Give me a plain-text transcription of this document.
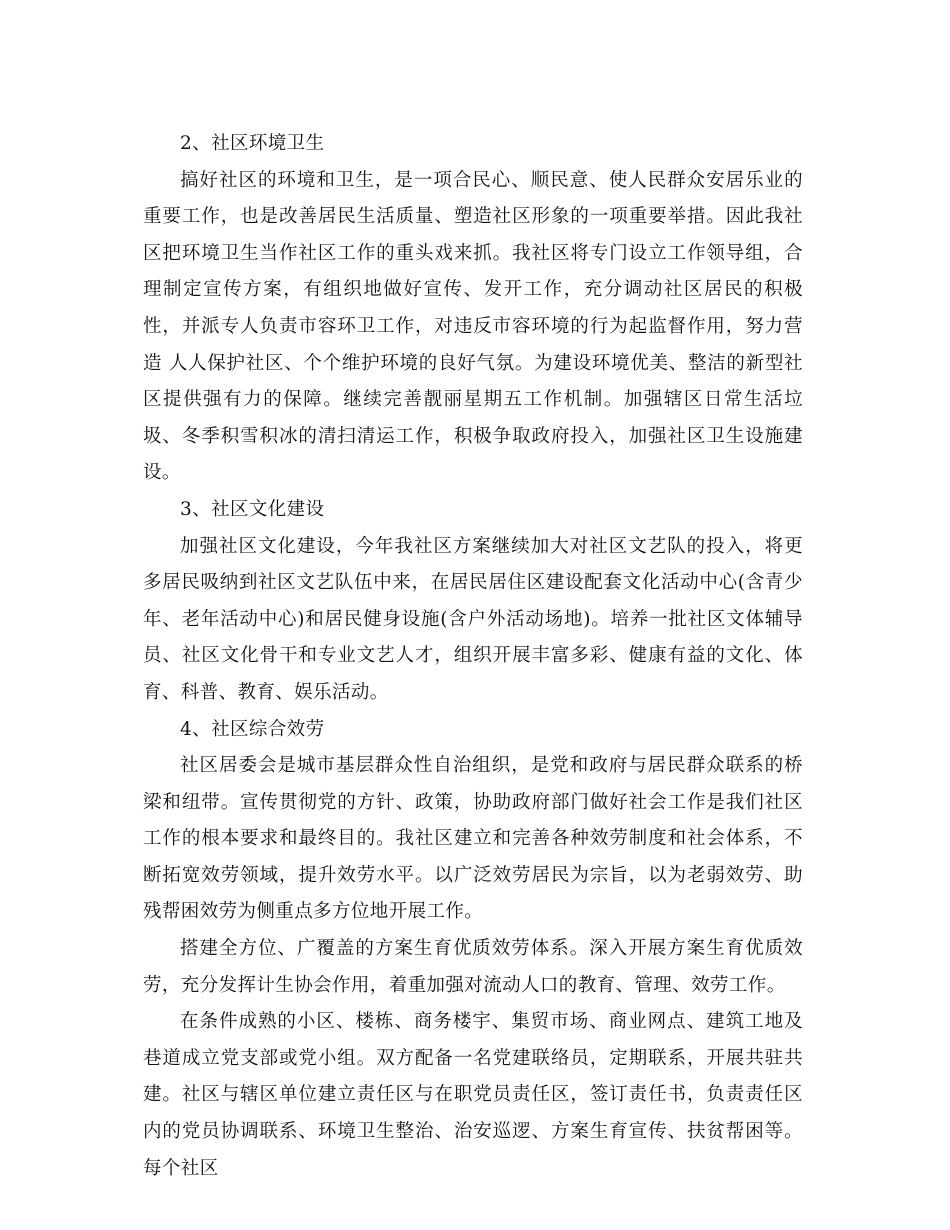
2、社区环境卫生

搞好社区的环境和卫生，是一项合民心、顺民意、使人民群众安居乐业的重要工作，也是改善居民生活质量、塑造社区形象的一项重要举措。因此我社区把环境卫生当作社区工作的重头戏来抓。我社区将专门设立工作领导组，合理制定宣传方案，有组织地做好宣传、发开工作，充分调动社区居民的积极性，并派专人负责市容环卫工作，对违反市容环境的行为起监督作用，努力营造 人人保护社区、个个维护环境的良好气氛。为建设环境优美、整洁的新型社区提供强有力的保障。继续完善靓丽星期五工作机制。加强辖区日常生活垃圾、冬季积雪积冰的清扫清运工作，积极争取政府投入，加强社区卫生设施建设。

3、社区文化建设

加强社区文化建设，今年我社区方案继续加大对社区文艺队的投入，将更多居民吸纳到社区文艺队伍中来，在居民居住区建设配套文化活动中心(含青少年、老年活动中心)和居民健身设施(含户外活动场地)。培养一批社区文体辅导员、社区文化骨干和专业文艺人才，组织开展丰富多彩、健康有益的文化、体育、科普、教育、娱乐活动。

4、社区综合效劳

社区居委会是城市基层群众性自治组织，是党和政府与居民群众联系的桥梁和纽带。宣传贯彻党的方针、政策，协助政府部门做好社会工作是我们社区工作的根本要求和最终目的。我社区建立和完善各种效劳制度和社会体系，不断拓宽效劳领域，提升效劳水平。以广泛效劳居民为宗旨，以为老弱效劳、助残帮困效劳为侧重点多方位地开展工作。

搭建全方位、广覆盖的方案生育优质效劳体系。深入开展方案生育优质效劳，充分发挥计生协会作用，着重加强对流动人口的教育、管理、效劳工作。

在条件成熟的小区、楼栋、商务楼宇、集贸市场、商业网点、建筑工地及巷道成立党支部或党小组。双方配备一名党建联络员，定期联系，开展共驻共建。社区与辖区单位建立责任区与在职党员责任区，签订责任书，负责责任区内的党员协调联系、环境卫生整治、治安巡逻、方案生育宣传、扶贫帮困等。每个社区
